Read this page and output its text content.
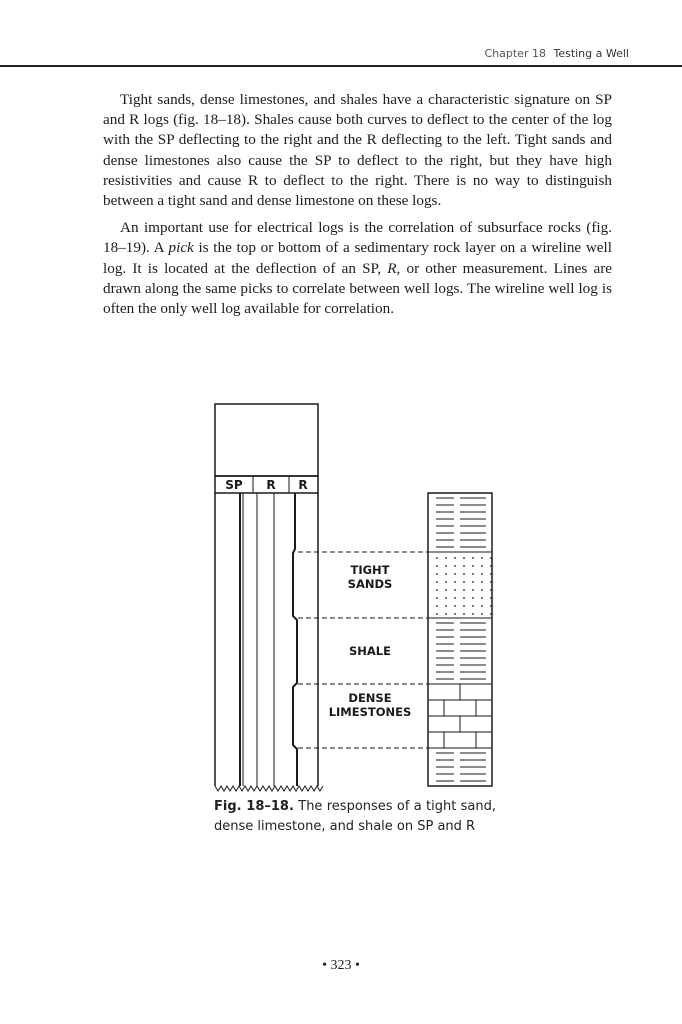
Chapter 18 Testing a Well

Tight sands, dense limestones, and shales have a characteristic signature on SP and R logs (fig. 18–18). Shales cause both curves to deflect to the center of the log with the SP deflecting to the right and the R deflecting to the left. Tight sands and dense limestones also cause the SP to deflect to the right, but they have high resistivities and cause R to deflect to the right. There is no way to distinguish between a tight sand and dense limestone on these logs.

An important use for electrical logs is the correlation of subsurface rocks (fig. 18–19). A pick is the top or bottom of a sedimentary rock layer on a wireline well log. It is located at the deflection of an SP, R, or other measurement. Lines are drawn along the same picks to correlate between well logs. The wireline well log is often the only well log available for correlation.

SP R R
TIGHT SANDS
SHALE
DENSE LIMESTONES
Fig. 18–18. The responses of a tight sand, dense limestone, and shale on SP and R
• 323 •
